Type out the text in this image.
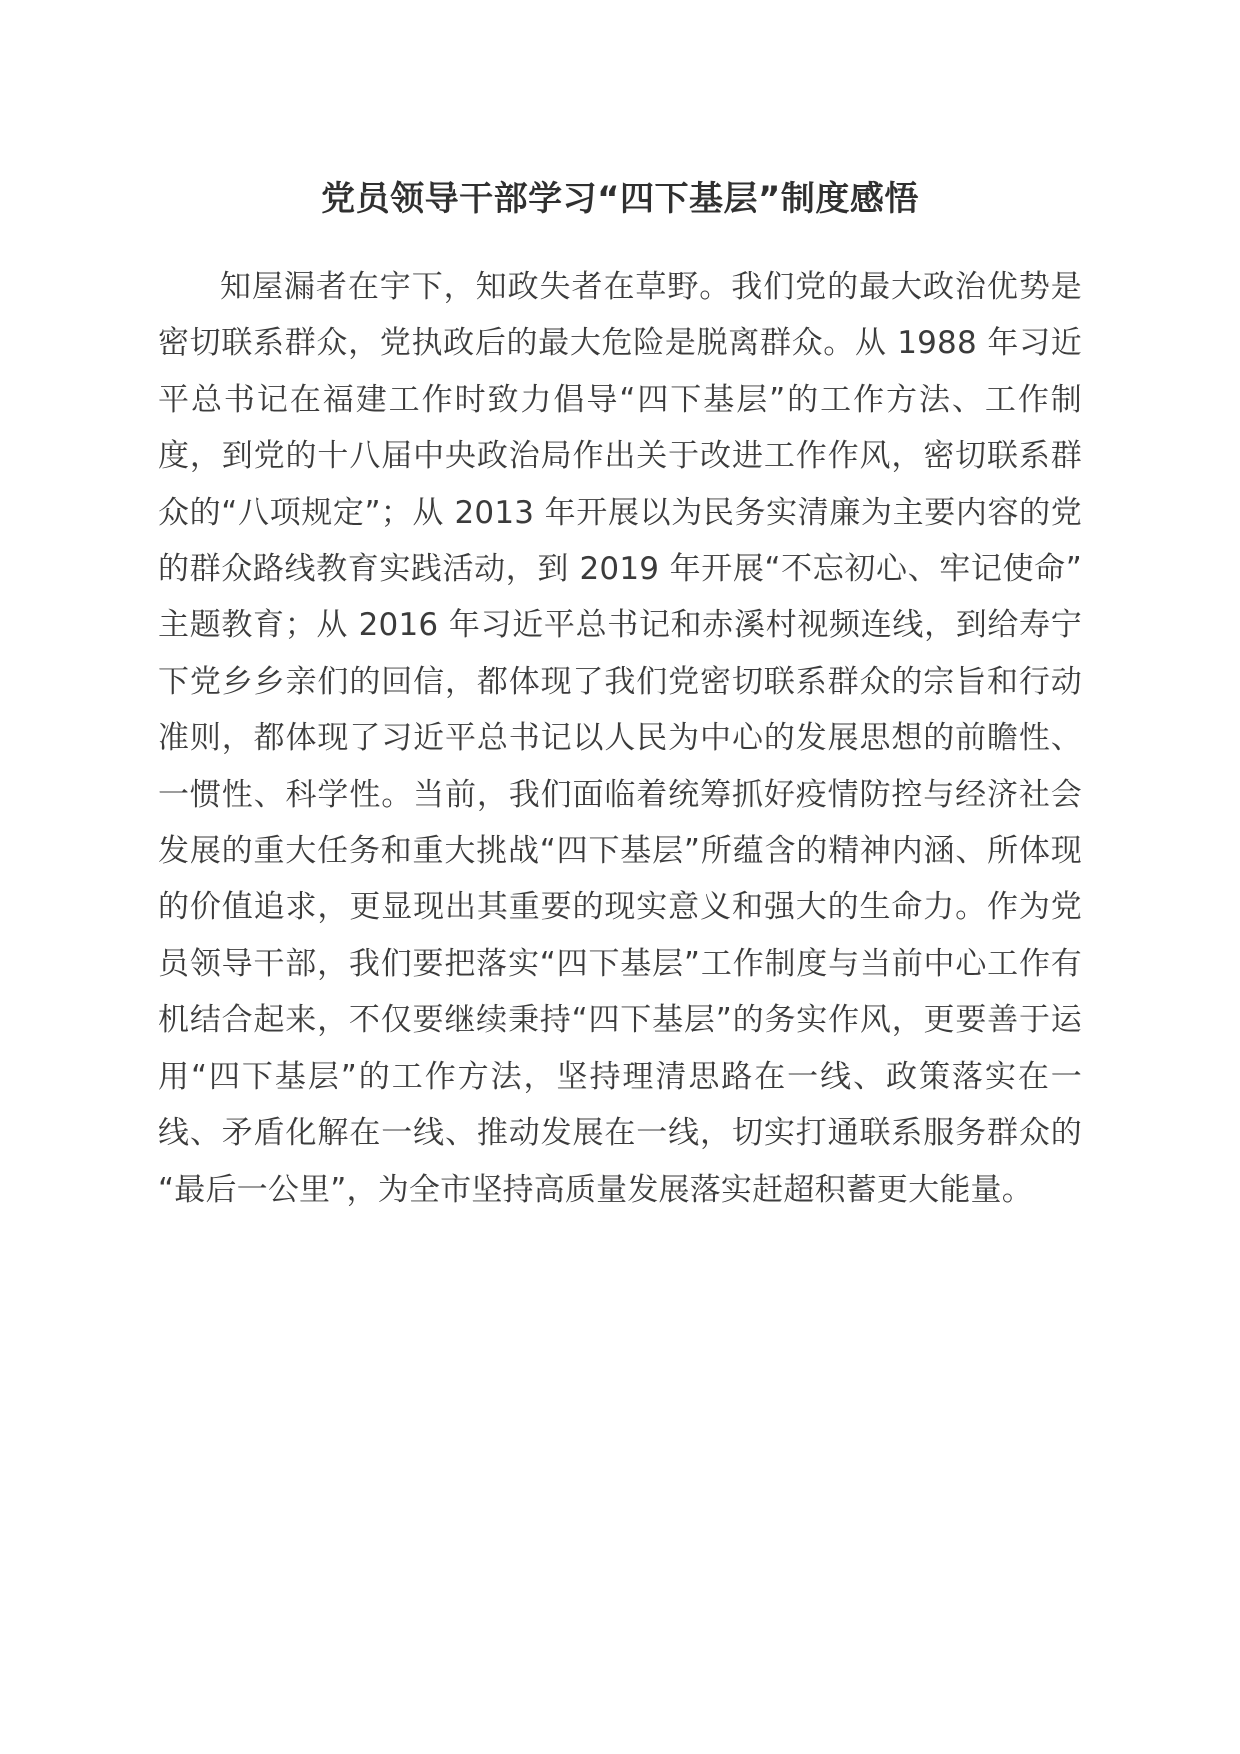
党员领导干部学习“四下基层”制度感悟

知屋漏者在宇下，知政失者在草野。我们党的最大政治优势是密切联系群众，党执政后的最大危险是脱离群众。从 1988 年习近平总书记在福建工作时致力倡导“四下基层”的工作方法、工作制度，到党的十八届中央政治局作出关于改进工作作风，密切联系群众的“八项规定”；从 2013 年开展以为民务实清廉为主要内容的党的群众路线教育实践活动，到 2019 年开展“不忘初心、牢记使命”主题教育；从 2016 年习近平总书记和赤溪村视频连线，到给寿宁下党乡乡亲们的回信，都体现了我们党密切联系群众的宗旨和行动准则，都体现了习近平总书记以人民为中心的发展思想的前瞻性、一惯性、科学性。当前，我们面临着统筹抓好疫情防控与经济社会发展的重大任务和重大挑战“四下基层”所蕴含的精神内涵、所体现的价值追求，更显现出其重要的现实意义和强大的生命力。作为党员领导干部，我们要把落实“四下基层”工作制度与当前中心工作有机结合起来，不仅要继续秉持“四下基层”的务实作风，更要善于运用“四下基层”的工作方法，坚持理清思路在一线、政策落实在一线、矛盾化解在一线、推动发展在一线，切实打通联系服务群众的“最后一公里”，为全市坚持高质量发展落实赶超积蓄更大能量。
